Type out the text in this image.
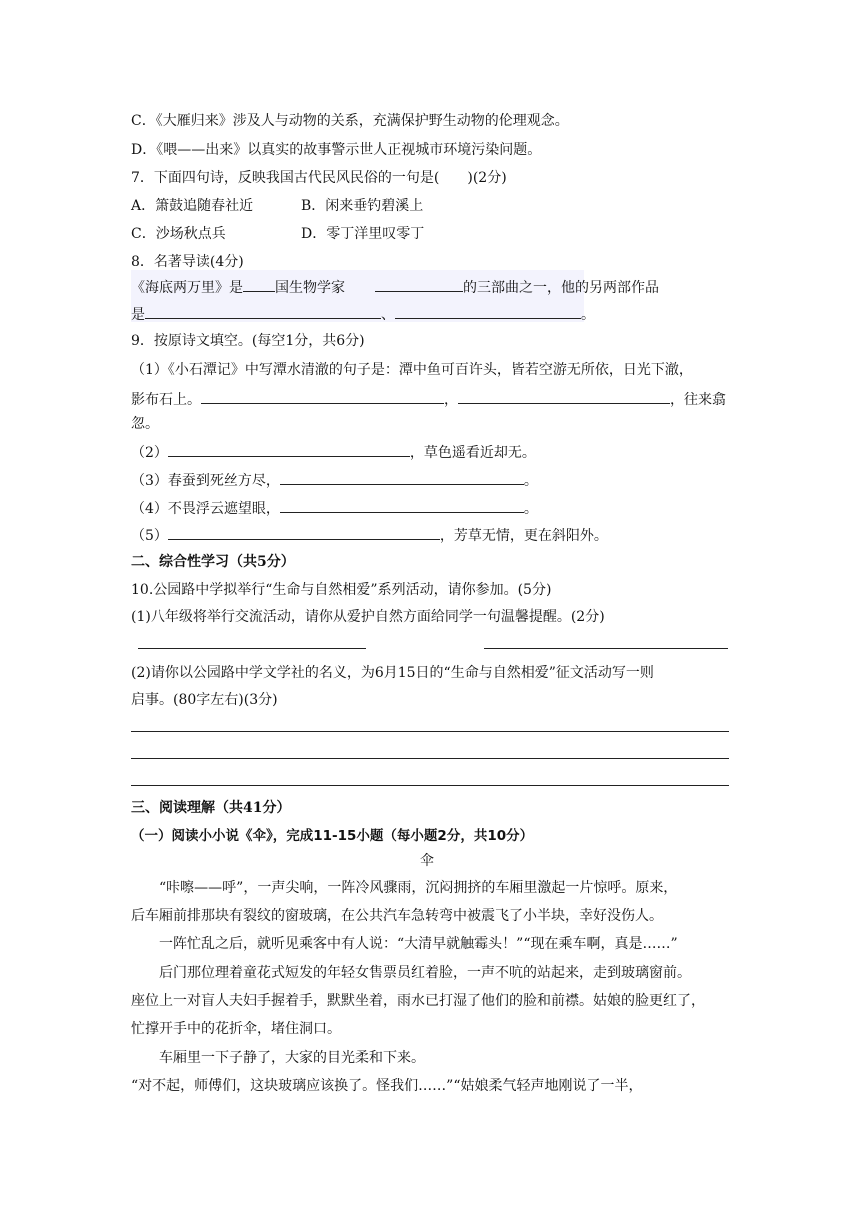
C．《大雁归来》涉及人与动物的关系，充满保护野生动物的伦理观念。
D．《喂——出来》以真实的故事警示世人正视城市环境污染问题。
7．下面四句诗，反映我国古代民风民俗的一句是( )(2分)
A．箫鼓追随春社近	B．闲来垂钓碧溪上
C．沙场秋点兵	D．零丁洋里叹零丁
8．名著导读(4分)
《海底两万里》是 国生物学家	的三部曲之一，他的另两部作品
是	、	。
9．按原诗文填空。(每空1分，共6分)
（1）《小石潭记》中写潭水清澈的句子是：潭中鱼可百许头，皆若空游无所依，日光下澈，
影布石上。	，	，往来翕
忽。
（2）	，草色遥看近却无。
（3）春蚕到死丝方尽，	。
（4）不畏浮云遮望眼，	。
（5）	，芳草无情，更在斜阳外。
二、综合性学习（共5分）
10.公园路中学拟举行“生命与自然相爱”系列活动，请你参加。(5分)
(1)八年级将举行交流活动，请你从爱护自然方面给同学一句温馨提醒。(2分)
(2)请你以公园路中学文学社的名义，为6月15日的“生命与自然相爱”征文活动写一则
启事。(80字左右)(3分)
三、阅读理解（共41分）
（一）阅读小小说《伞》，完成11-15小题（每小题2分，共10分）
伞
“咔嚓——呼”，一声尖响，一阵冷风骤雨，沉闷拥挤的车厢里激起一片惊呼。原来，
后车厢前排那块有裂纹的窗玻璃，在公共汽车急转弯中被震飞了小半块，幸好没伤人。
一阵忙乱之后，就听见乘客中有人说：“大清早就触霉头！”“现在乘车啊，真是……”
后门那位理着童花式短发的年轻女售票员红着脸，一声不吭的站起来，走到玻璃窗前。
座位上一对盲人夫妇手握着手，默默坐着，雨水已打湿了他们的脸和前襟。姑娘的脸更红了，
忙撑开手中的花折伞，堵住洞口。
车厢里一下子静了，大家的目光柔和下来。
“对不起，师傅们，这块玻璃应该换了。怪我们……”“姑娘柔气轻声地刚说了一半，
